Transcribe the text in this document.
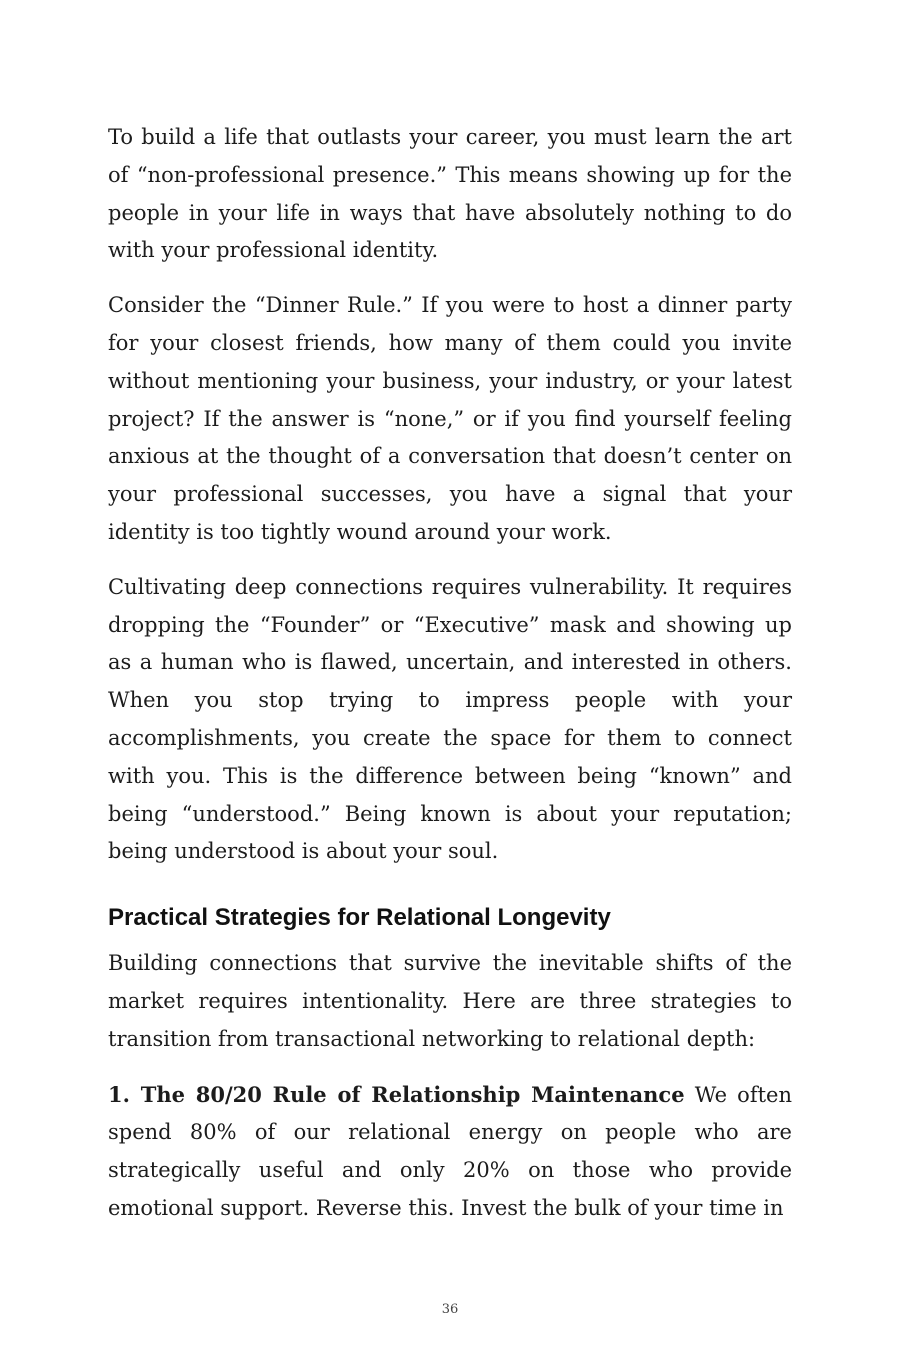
To build a life that outlasts your career, you must learn the art of “non-professional presence.” This means showing up for the people in your life in ways that have absolutely nothing to do with your professional identity.

Consider the “Dinner Rule.” If you were to host a dinner party for your closest friends, how many of them could you invite without mentioning your business, your industry, or your latest project? If the answer is “none,” or if you find yourself feeling anxious at the thought of a conversation that doesn’t center on your professional successes, you have a signal that your identity is too tightly wound around your work.

Cultivating deep connections requires vulnerability. It requires dropping the “Founder” or “Executive” mask and showing up as a human who is flawed, uncertain, and interested in others. When you stop trying to impress people with your accomplishments, you create the space for them to connect with you. This is the difference between being “known” and being “understood.” Being known is about your reputation; being understood is about your soul.

Practical Strategies for Relational Longevity

Building connections that survive the inevitable shifts of the market requires intentionality. Here are three strategies to transition from transactional networking to relational depth:

1. The 80/20 Rule of Relationship Maintenance We often spend 80% of our relational energy on people who are strategically useful and only 20% on those who provide emotional support. Reverse this. Invest the bulk of your time in

36
